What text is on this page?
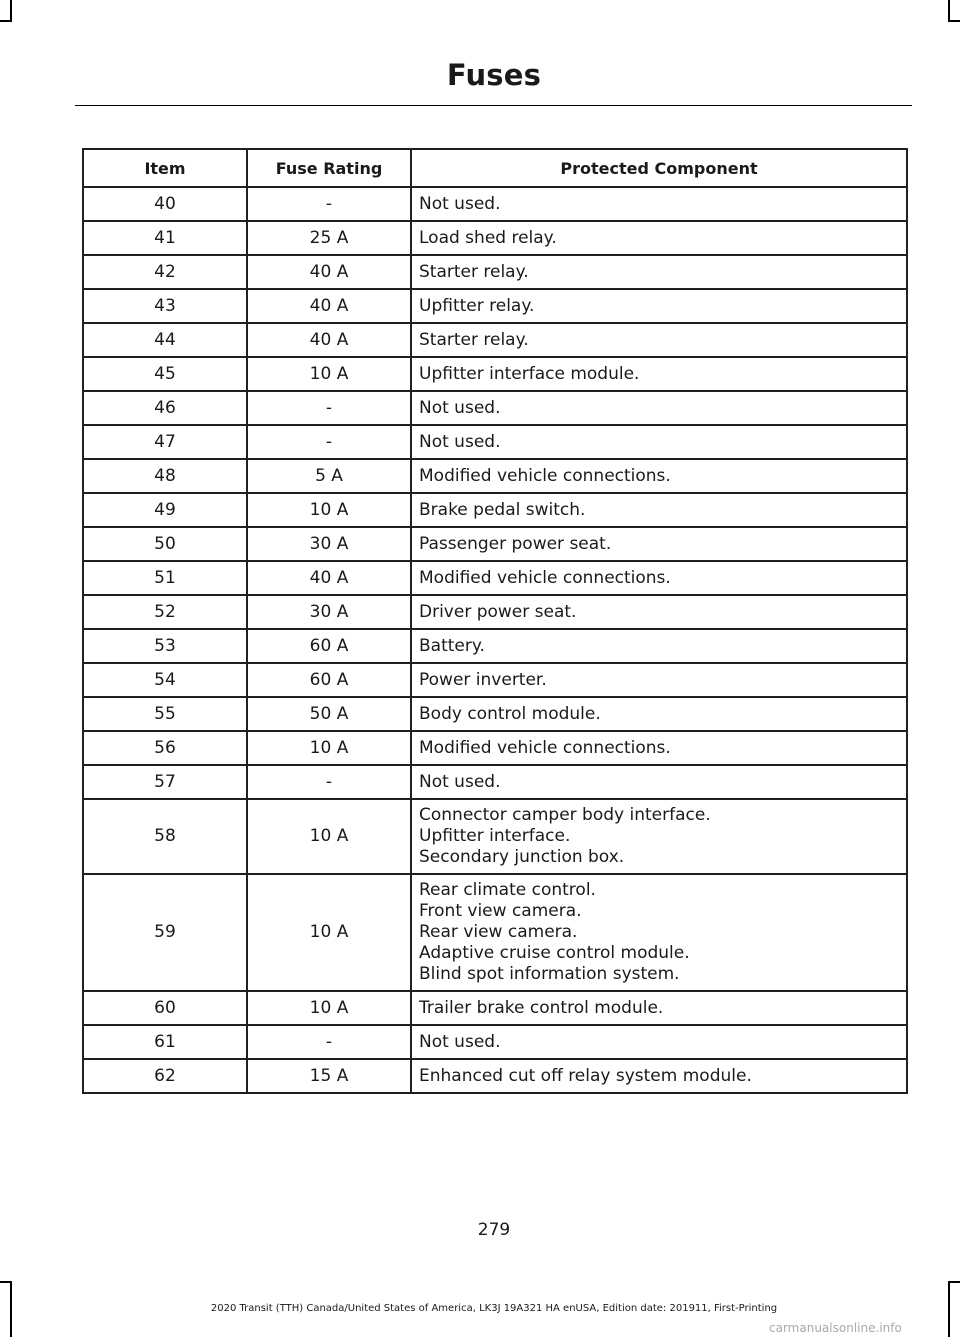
Fuses
Item	Fuse Rating	Protected Component
40	-	Not used.

41	25 A	Load shed relay.

42	40 A	Starter relay.

43	40 A	Upfitter relay.

44	40 A	Starter relay.

45	10 A	Upfitter interface module.

46	-	Not used.

47	-	Not used.

48	5 A	Modified vehicle connections.

49	10 A	Brake pedal switch.

50	30 A	Passenger power seat.

51	40 A	Modified vehicle connections.

52	30 A	Driver power seat.

53	60 A	Battery.

54	60 A	Power inverter.

55	50 A	Body control module.

56	10 A	Modified vehicle connections.

57	-	Not used.

58	10 A	Connector camper body interface.
Upfitter interface.
Secondary junction box.

59	10 A	Rear climate control.
Front view camera.
Rear view camera.
Adaptive cruise control module.
Blind spot information system.

60	10 A	Trailer brake control module.

61	-	Not used.

62	15 A	Enhanced cut off relay system module.
279
2020 Transit (TTH) Canada/United States of America, LK3J 19A321 HA enUSA, Edition date: 201911, First-Printing
carmanualsonline.info
